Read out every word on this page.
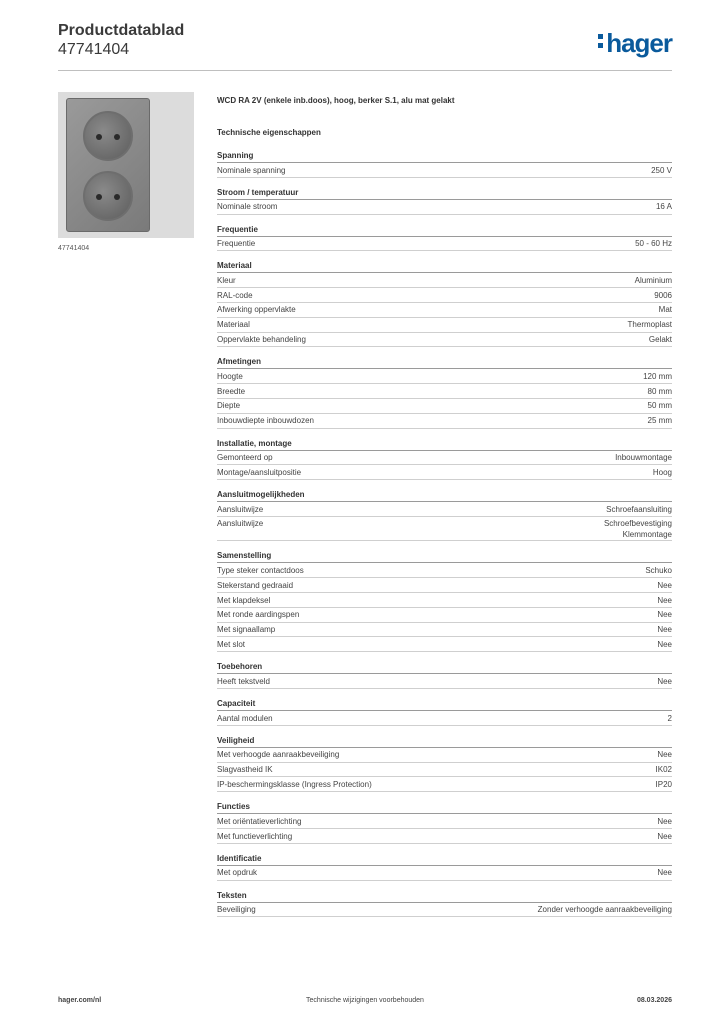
Productdatablad
47741404	hager
47741404
WCD RA 2V (enkele inb.doos), hoog, berker S.1, alu mat gelakt
Technische eigenschappen
Spanning
Nominale spanning	250 V
Stroom / temperatuur
Nominale stroom	16 A
Frequentie
Frequentie	50 - 60 Hz
Materiaal
Kleur	Aluminium
RAL-code	9006
Afwerking oppervlakte	Mat
Materiaal	Thermoplast
Oppervlakte behandeling	Gelakt
Afmetingen
Hoogte	120 mm
Breedte	80 mm
Diepte	50 mm
Inbouwdiepte inbouwdozen	25 mm
Installatie, montage
Gemonteerd op	Inbouwmontage
Montage/aansluitpositie	Hoog
Aansluitmogelijkheden
Aansluitwijze	Schroefaansluiting
Aansluitwijze	Schroefbevestiging
Klemmontage
Samenstelling
Type steker contactdoos	Schuko
Stekerstand gedraaid	Nee
Met klapdeksel	Nee
Met ronde aardingspen	Nee
Met signaallamp	Nee
Met slot	Nee
Toebehoren
Heeft tekstveld	Nee
Capaciteit
Aantal modulen	2
Veiligheid
Met verhoogde aanraakbeveiliging	Nee
Slagvastheid IK	IK02
IP-beschermingsklasse (Ingress Protection)	IP20
Functies
Met oriëntatieverlichting	Nee
Met functieverlichting	Nee
Identificatie
Met opdruk	Nee
Teksten
Beveiliging	Zonder verhoogde aanraakbeveiliging
hager.com/nl	Technische wijzigingen voorbehouden	08.03.2026
